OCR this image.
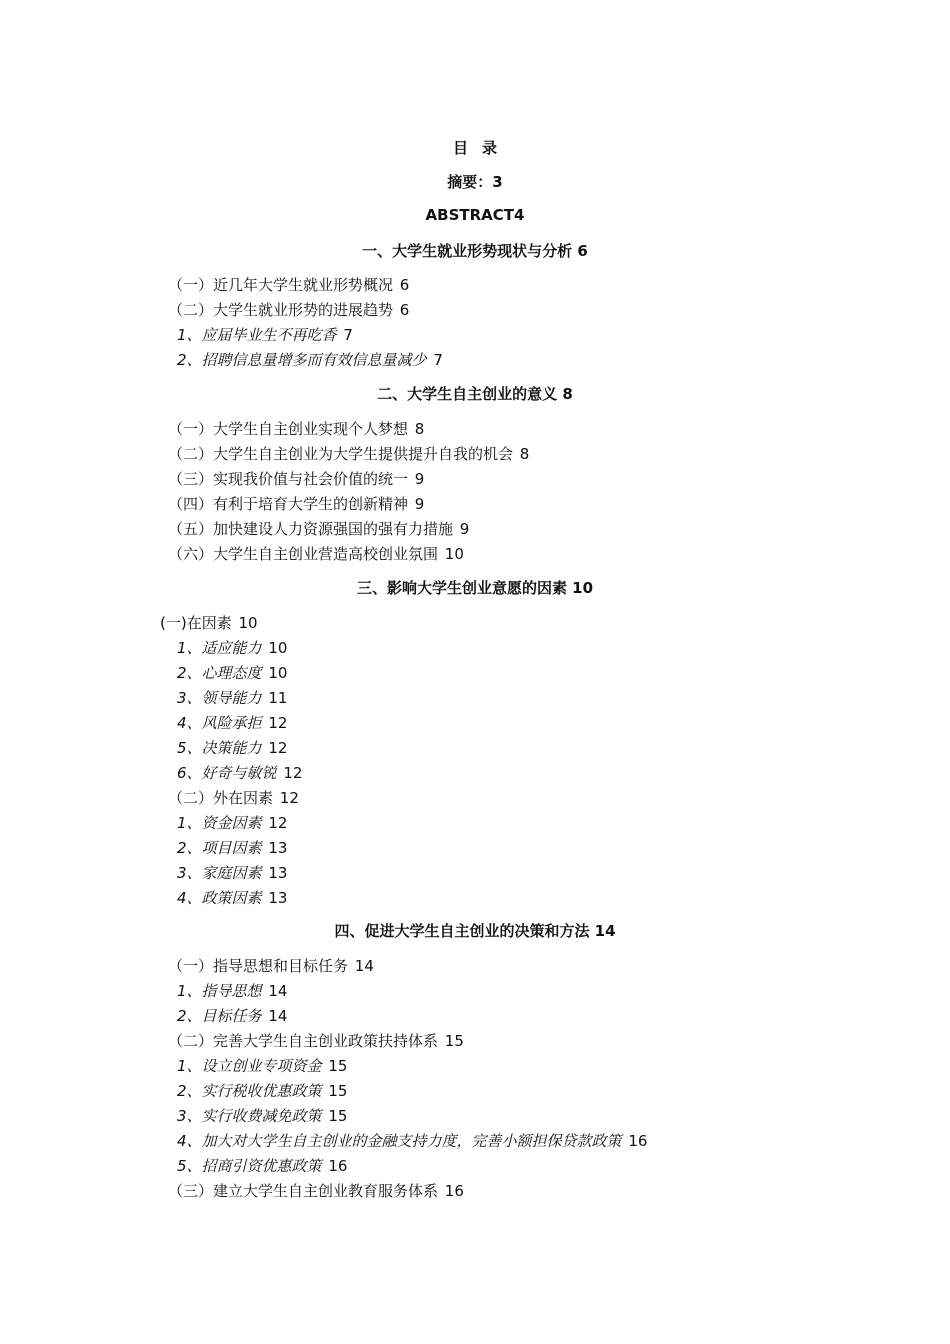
目 录
摘要：3
ABSTRACT4
一、大学生就业形势现状与分析 6
（一）近几年大学生就业形势概况 6
（二）大学生就业形势的进展趋势 6
1、应届毕业生不再吃香 7
2、招聘信息量增多而有效信息量减少 7
二、大学生自主创业的意义 8
（一）大学生自主创业实现个人梦想 8
（二）大学生自主创业为大学生提供提升自我的机会 8
（三）实现我价值与社会价值的统一 9
（四）有利于培育大学生的创新精神 9
（五）加快建设人力资源强国的强有力措施 9
（六）大学生自主创业营造高校创业氛围 10
三、影响大学生创业意愿的因素 10
(一)在因素 10
1、适应能力 10
2、心理态度 10
3、领导能力 11
4、风险承拒 12
5、决策能力 12
6、好奇与敏锐 12
（二）外在因素 12
1、资金因素 12
2、项目因素 13
3、家庭因素 13
4、政策因素 13
四、促进大学生自主创业的决策和方法 14
（一）指导思想和目标任务 14
1、指导思想 14
2、目标任务 14
（二）完善大学生自主创业政策扶持体系 15
1、设立创业专项资金 15
2、实行税收优惠政策 15
3、实行收费减免政策 15
4、加大对大学生自主创业的金融支持力度，完善小额担保贷款政策 16
5、招商引资优惠政策 16
（三）建立大学生自主创业教育服务体系 16
